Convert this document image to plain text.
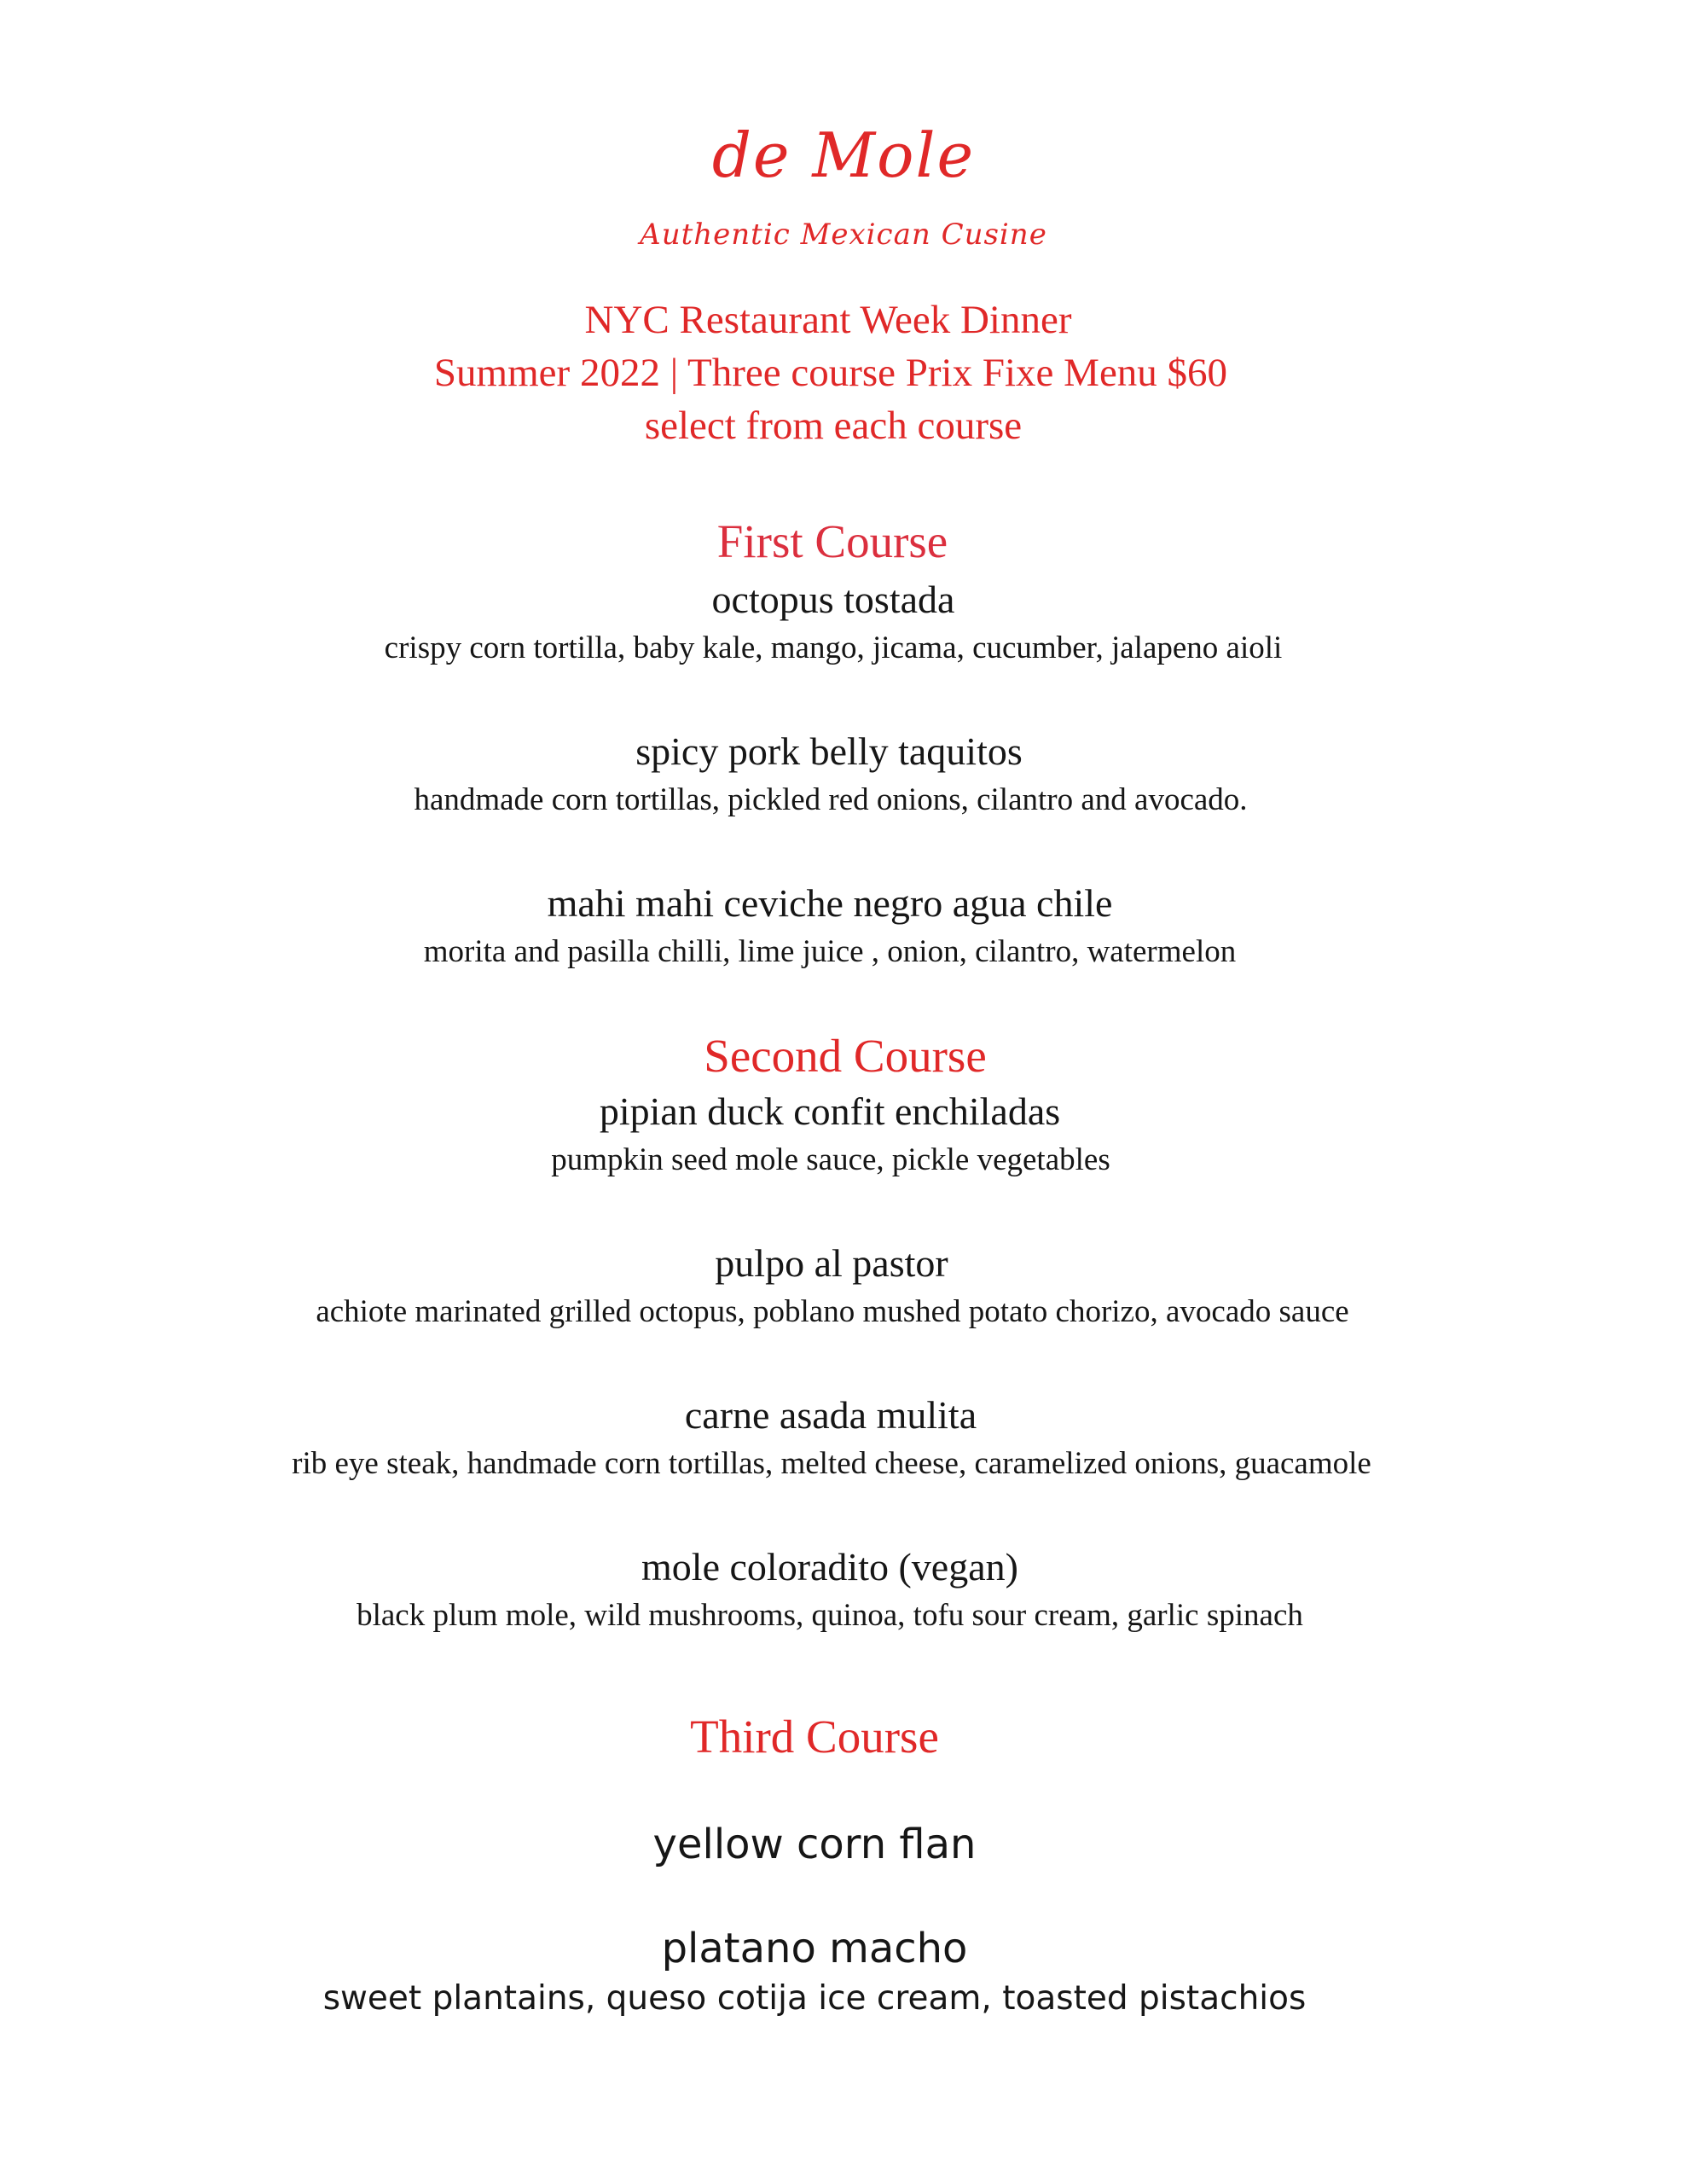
de Mole
Authentic Mexican Cusine
NYC Restaurant Week Dinner
Summer 2022 | Three course Prix Fixe Menu $60
select from each course
First Course
octopus tostada
crispy corn tortilla, baby kale, mango, jicama, cucumber, jalapeno aioli
spicy pork belly taquitos
handmade corn tortillas, pickled red onions, cilantro and avocado.
mahi mahi ceviche negro agua chile
morita and pasilla chilli, lime juice , onion, cilantro, watermelon
Second Course
pipian duck confit enchiladas
pumpkin seed mole sauce, pickle vegetables
pulpo al pastor
achiote marinated grilled octopus, poblano mushed potato chorizo, avocado sauce
carne asada mulita
rib eye steak, handmade corn tortillas, melted cheese, caramelized onions, guacamole
mole coloradito (vegan)
black plum mole, wild mushrooms, quinoa, tofu sour cream, garlic spinach
Third Course
yellow corn flan
platano macho
sweet plantains, queso cotija ice cream, toasted pistachios
